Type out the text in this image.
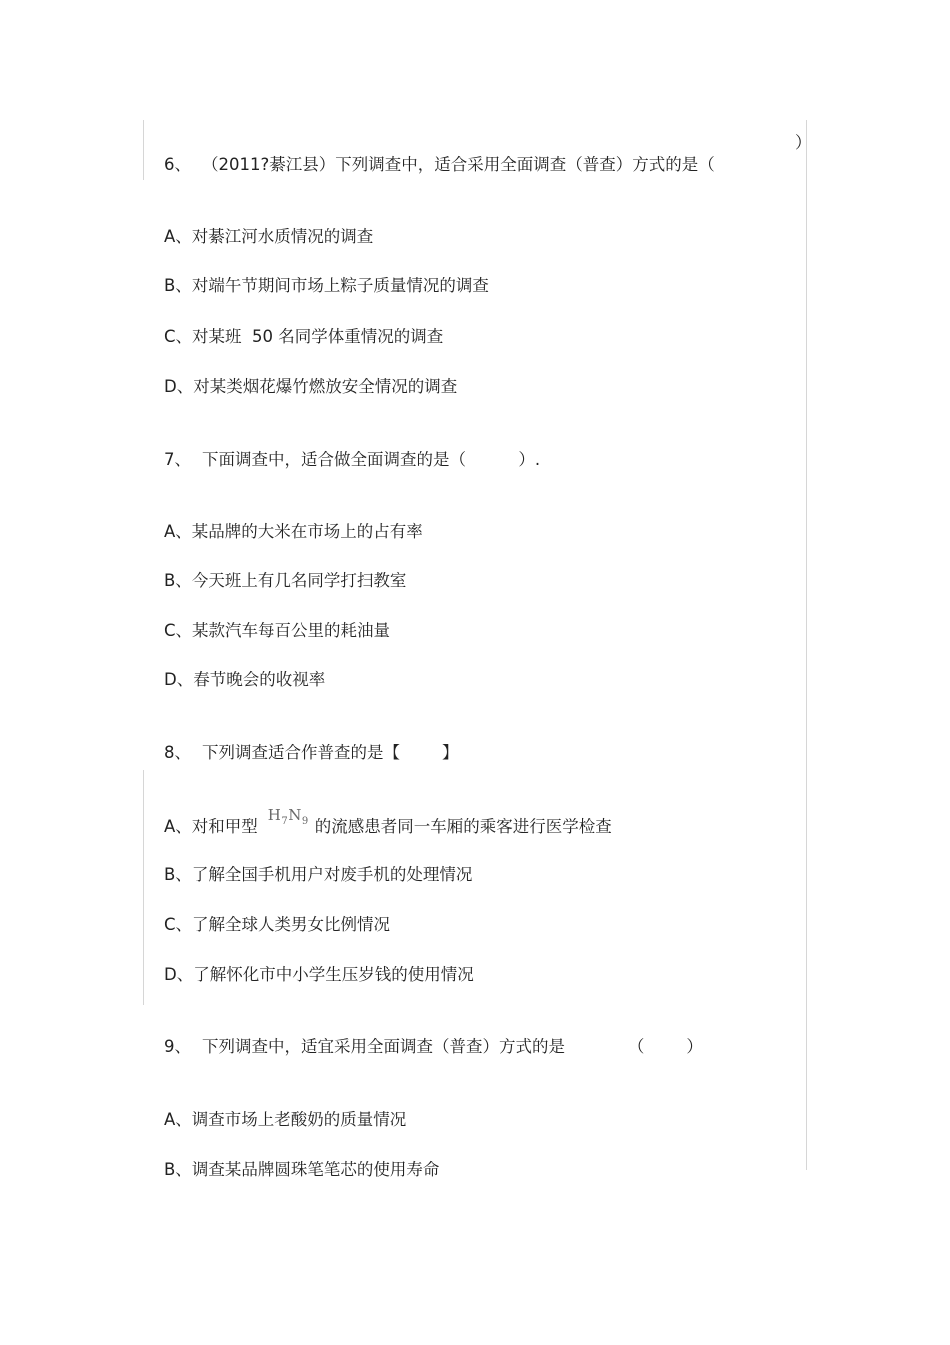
6、 （2011?綦江县）下列调查中，适合采用全面调查（普查）方式的是（

）

A、对綦江河水质情况的调查

B、对端午节期间市场上粽子质量情况的调查

C、对某班  50 名同学体重情况的调查

D、对某类烟花爆竹燃放安全情况的调查

7、 下面调查中，适合做全面调查的是（          ）.

A、某品牌的大米在市场上的占有率

B、今天班上有几名同学打扫教室

C、某款汽车每百公里的耗油量

D、春节晚会的收视率

8、 下列调查适合作普查的是【        】

A、对和甲型$H_7N_9$ 的流感患者同一车厢的乘客进行医学检查

B、了解全国手机用户对废手机的处理情况

C、了解全球人类男女比例情况

D、了解怀化市中小学生压岁钱的使用情况

9、 下列调查中，适宜采用全面调查（普查）方式的是            （        ）

A、调查市场上老酸奶的质量情况

B、调查某品牌圆珠笔笔芯的使用寿命
